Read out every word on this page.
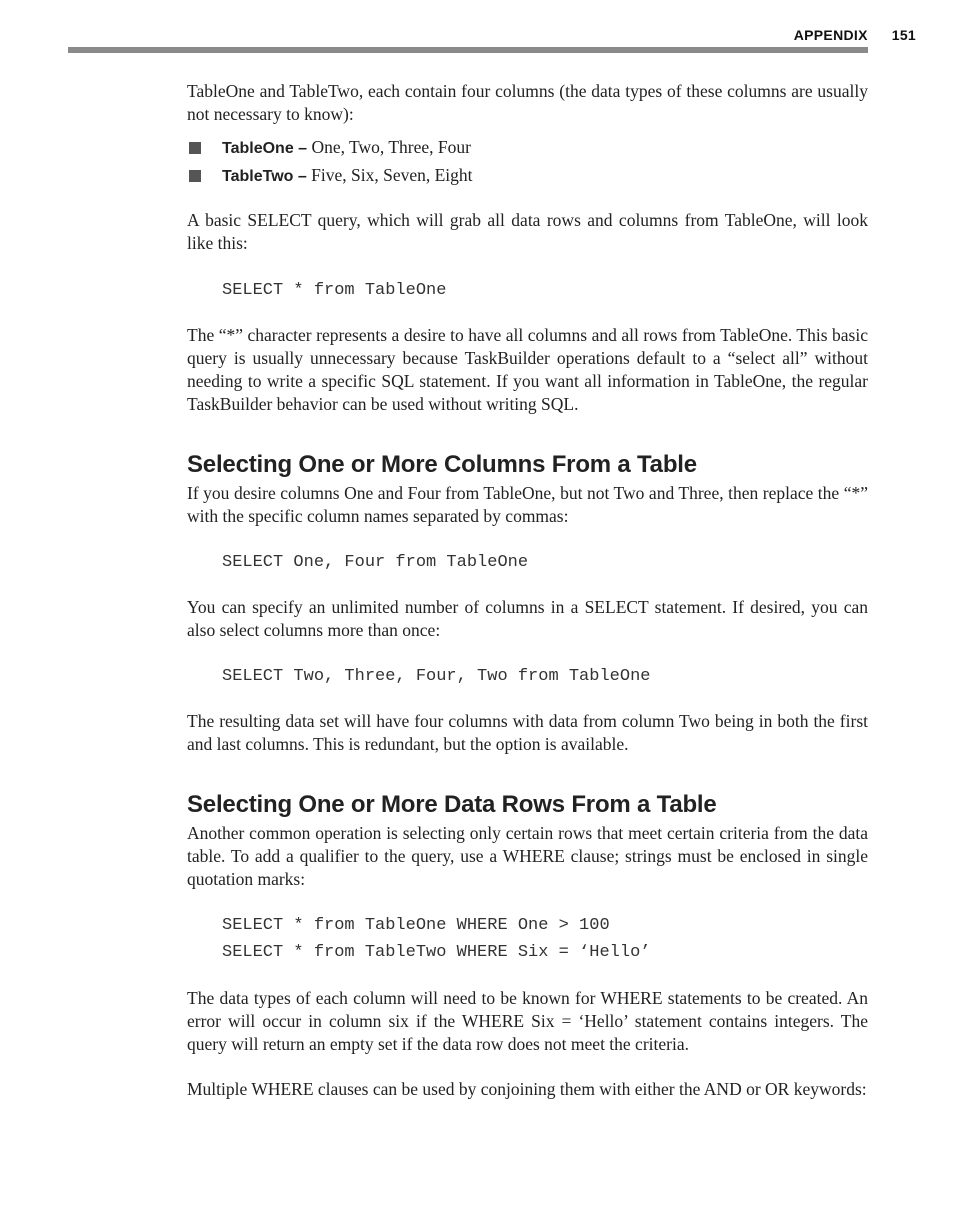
APPENDIX 151

TableOne and TableTwo, each contain four columns (the data types of these columns are usually not necessary to know):

TableOne – One, Two, Three, Four
TableTwo – Five, Six, Seven, Eight

A basic SELECT query, which will grab all data rows and columns from TableOne, will look like this:

SELECT * from TableOne

The “*” character represents a desire to have all columns and all rows from TableOne. This basic query is usually unnecessary because TaskBuilder operations default to a “select all” without needing to write a specific SQL statement. If you want all information in TableOne, the regular TaskBuilder behavior can be used without writing SQL.

Selecting One or More Columns From a Table

If you desire columns One and Four from TableOne, but not Two and Three, then replace the “*” with the specific column names separated by commas:

SELECT One, Four from TableOne

You can specify an unlimited number of columns in a SELECT statement. If desired, you can also select columns more than once:

SELECT Two, Three, Four, Two from TableOne

The resulting data set will have four columns with data from column Two being in both the first and last columns. This is redundant, but the option is available.

Selecting One or More Data Rows From a Table

Another common operation is selecting only certain rows that meet certain criteria from the data table. To add a qualifier to the query, use a WHERE clause; strings must be enclosed in single quotation marks:

SELECT * from TableOne WHERE One > 100
SELECT * from TableTwo WHERE Six = ‘Hello’

The data types of each column will need to be known for WHERE statements to be created. An error will occur in column six if the WHERE Six = ‘Hello’ statement contains integers. The query will return an empty set if the data row does not meet the criteria.

Multiple WHERE clauses can be used by conjoining them with either the AND or OR keywords:
